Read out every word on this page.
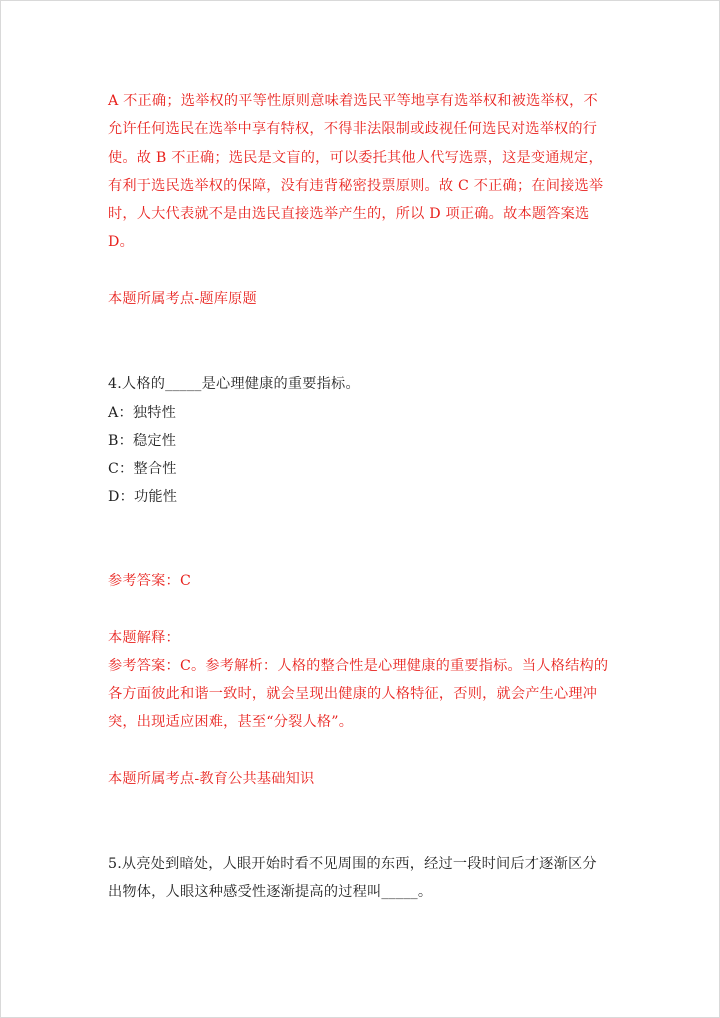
A 不正确；选举权的平等性原则意味着选民平等地享有选举权和被选举权，不
允许任何选民在选举中享有特权，不得非法限制或歧视任何选民对选举权的行
使。故 B 不正确；选民是文盲的，可以委托其他人代写选票，这是变通规定，
有利于选民选举权的保障，没有违背秘密投票原则。故 C 不正确；在间接选举
时，人大代表就不是由选民直接选举产生的，所以 D 项正确。故本题答案选
D。
本题所属考点-题库原题
4.人格的_____是心理健康的重要指标。
A：独特性
B：稳定性
C：整合性
D：功能性
参考答案：C
本题解释：
参考答案：C。参考解析：人格的整合性是心理健康的重要指标。当人格结构的
各方面彼此和谐一致时，就会呈现出健康的人格特征，否则，就会产生心理冲
突，出现适应困难，甚至“分裂人格”。
本题所属考点-教育公共基础知识
5.从亮处到暗处，人眼开始时看不见周围的东西，经过一段时间后才逐渐区分
出物体，人眼这种感受性逐渐提高的过程叫_____。
